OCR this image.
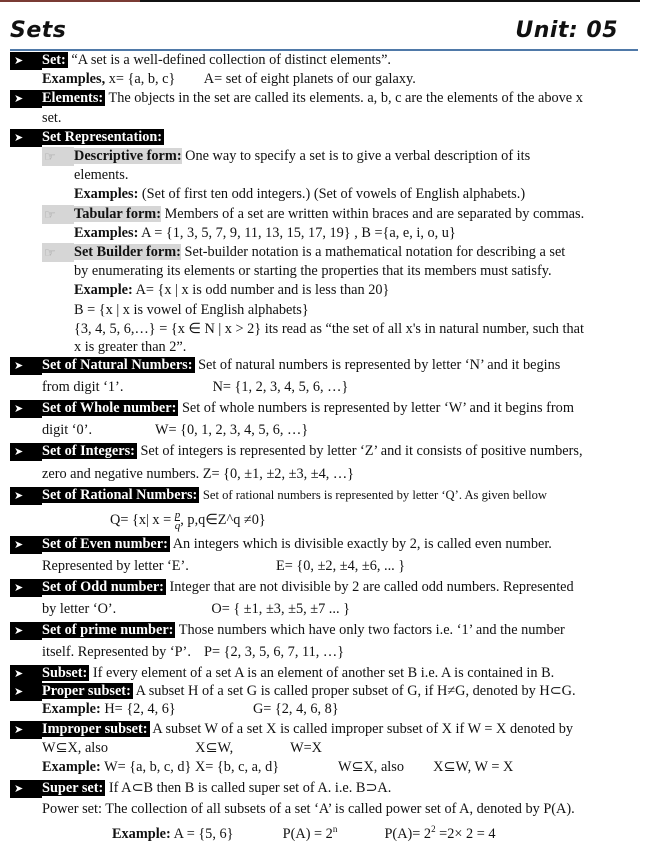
Sets	Unit: 05
➤	Set: “A set is a well-defined collection of distinct elements”.
Examples, x= {a, b, c} A= set of eight planets of our galaxy.
➤	Elements: The objects in the set are called its elements. a, b, c are the elements of the above x
set.
➤	Set Representation:
☞ Descriptive form: One way to specify a set is to give a verbal description of its
elements.
Examples: (Set of first ten odd integers.) (Set of vowels of English alphabets.)
☞ Tabular form: Members of a set are written within braces and are separated by commas.
Examples: A = {1, 3, 5, 7, 9, 11, 13, 15, 17, 19} , B ={a, e, i, o, u}
☞ Set Builder form: Set-builder notation is a mathematical notation for describing a set
by enumerating its elements or starting the properties that its members must satisfy.
Example: A= {x | x is odd number and is less than 20}
B = {x | x is vowel of English alphabets}
{3, 4, 5, 6,…} = {x ∈ N | x > 2} its read as “the set of all x's in natural number, such that
x is greater than 2”.
➤	Set of Natural Numbers: Set of natural numbers is represented by letter ‘N’ and it begins
from digit ‘1’.	N= {1, 2, 3, 4, 5, 6, …}
➤	Set of Whole number: Set of whole numbers is represented by letter ‘W’ and it begins from
digit ‘0’.	W= {0, 1, 2, 3, 4, 5, 6, …}
➤	Set of Integers: Set of integers is represented by letter ‘Z’ and it consists of positive numbers,
zero and negative numbers. Z= {0, ±1, ±2, ±3, ±4, …}
➤	Set of Rational Numbers: Set of rational numbers is represented by letter ‘Q’. As given bellow
Q= {x| $x = \frac{p}{q}$ , p,q∈Z^q ≠0}
➤	Set of Even number: An integers which is divisible exactly by 2, is called even number.
Represented by letter ‘E’.	E= {0, ±2, ±4, ±6, ... }
➤	Set of Odd number: Integer that are not divisible by 2 are called odd numbers. Represented
by letter ‘O’.	O= { ±1, ±3, ±5, ±7 ... }
➤	Set of prime number: Those numbers which have only two factors i.e. ‘1’ and the number
itself. Represented by ‘P’. P= {2, 3, 5, 6, 7, 11, …}
➤	Subset: If every element of a set A is an element of another set B i.e. A is contained in B.
➤	Proper subset: A subset H of a set G is called proper subset of G, if H≠G, denoted by H⊂G.
Example: H= {2, 4, 6}	G= {2, 4, 6, 8}
➤	Improper subset: A subset W of a set X is called improper subset of X if W = X denoted by
W⊆X, also	X⊆W,	W=X
Example: W= {a, b, c, d} X= {b, c, a, d}	W⊆X, also X⊆W, W = X
➤	Super set: If A⊂B then B is called super set of A. i.e. B⊃A.
Power set: The collection of all subsets of a set ‘A’ is called power set of A, denoted by P(A).
Example: A = {5, 6}	$P(A) = 2^n$	$P(A)= 2^2 =2\times 2 = 4$
